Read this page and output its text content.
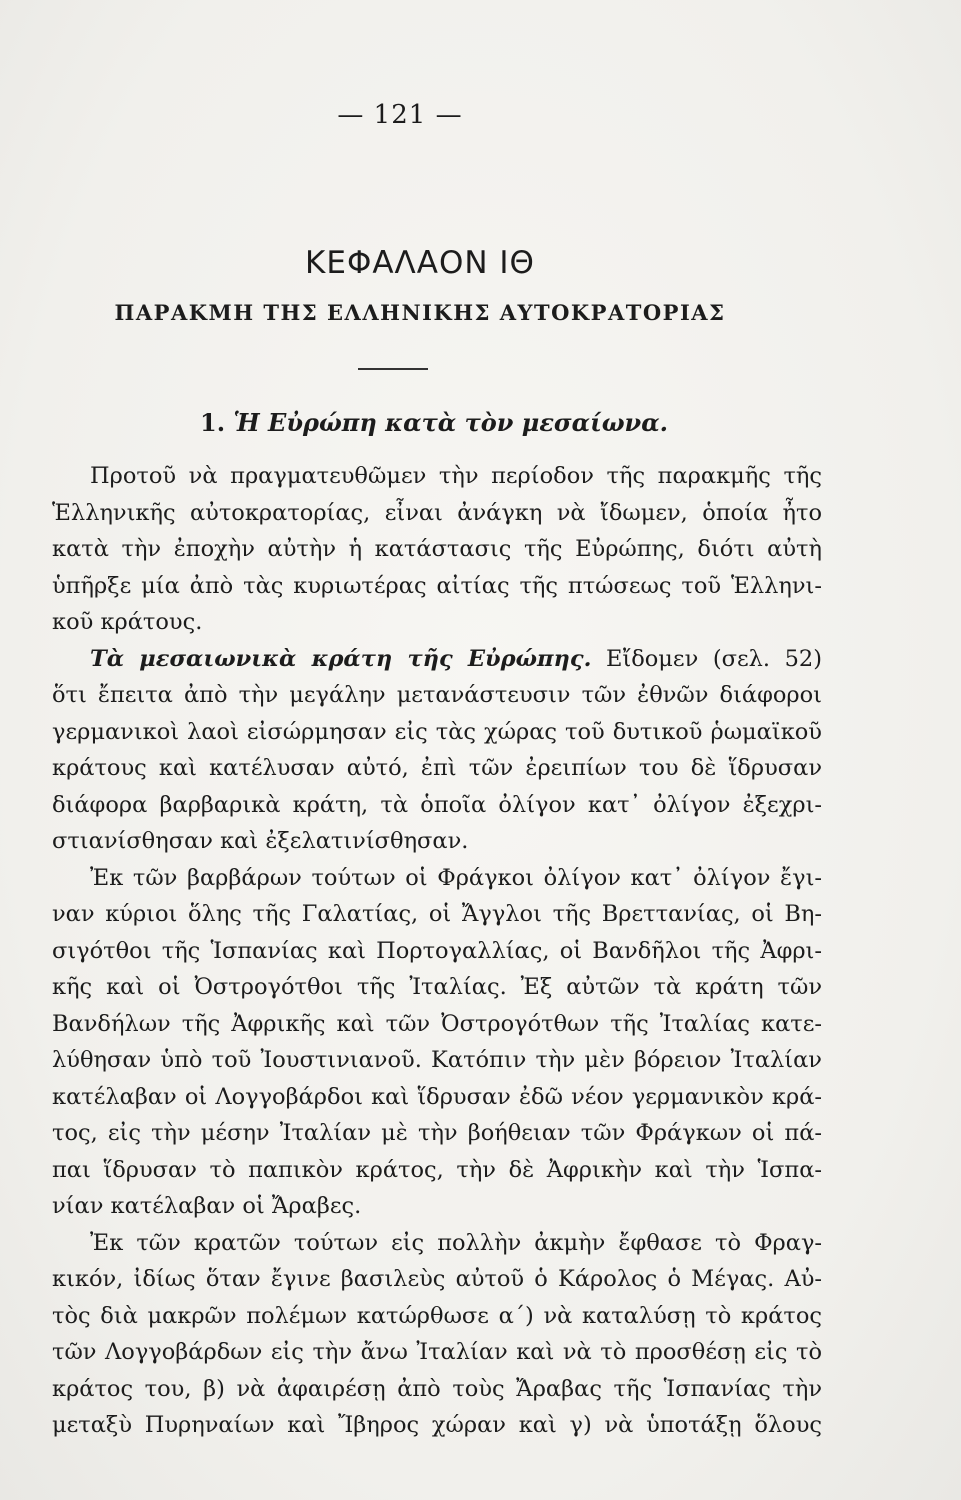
— 121 —
ΚΕΦΑΛΑΟΝ ΙΘ
ΠΑΡΑΚΜΗ ΤΗΣ ΕΛΛΗΝΙΚΗΣ ΑΥΤΟΚΡΑΤΟΡΙΑΣ
1. Ἡ Εὐρώπη κατὰ τὸν μεσαίωνα.
Προτοῦ νὰ πραγματευθῶμεν τὴν περίοδον τῆς παρακμῆς τῆς
Ἑλληνικῆς αὐτοκρατορίας, εἶναι ἀνάγκη νὰ ἴδωμεν, ὁποία ἦτο
κατὰ τὴν ἐποχὴν αὐτὴν ἡ κατάστασις τῆς Εὐρώπης, διότι αὐτὴ
ὑπῆρξε μία ἀπὸ τὰς κυριωτέρας αἰτίας τῆς πτώσεως τοῦ Ἑλληνι-
κοῦ κράτους.
Τὰ μεσαιωνικὰ κράτη τῆς Εὐρώπης. Εἴδομεν (σελ. 52)
ὅτι ἔπειτα ἀπὸ τὴν μεγάλην μετανάστευσιν τῶν ἐθνῶν διάφοροι
γερμανικοὶ λαοὶ εἰσώρμησαν εἰς τὰς χώρας τοῦ δυτικοῦ ῥωμαϊκοῦ
κράτους καὶ κατέλυσαν αὐτό, ἐπὶ τῶν ἐρειπίων του δὲ ἵδρυσαν
διάφορα βαρβαρικὰ κράτη, τὰ ὁποῖα ὀλίγον κατ᾽ ὀλίγον ἐξεχρι-
στιανίσθησαν καὶ ἐξελατινίσθησαν.
Ἐκ τῶν βαρβάρων τούτων οἱ Φράγκοι ὀλίγον κατ᾽ ὀλίγον ἔγι-
ναν κύριοι ὅλης τῆς Γαλατίας, οἱ Ἄγγλοι τῆς Βρεττανίας, οἱ Βη-
σιγότθοι τῆς Ἱσπανίας καὶ Πορτογαλλίας, οἱ Βανδῆλοι τῆς Ἀφρι-
κῆς καὶ οἱ Ὀστρογότθοι τῆς Ἰταλίας. Ἐξ αὐτῶν τὰ κράτη τῶν
Βανδήλων τῆς Ἀφρικῆς καὶ τῶν Ὀστρογότθων τῆς Ἰταλίας κατε-
λύθησαν ὑπὸ τοῦ Ἰουστινιανοῦ. Κατόπιν τὴν μὲν βόρειον Ἰταλίαν
κατέλαβαν οἱ Λογγοβάρδοι καὶ ἵδρυσαν ἐδῶ νέον γερμανικὸν κρά-
τος, εἰς τὴν μέσην Ἰταλίαν μὲ τὴν βοήθειαν τῶν Φράγκων οἱ πά-
παι ἵδρυσαν τὸ παπικὸν κράτος, τὴν δὲ Ἀφρικὴν καὶ τὴν Ἱσπα-
νίαν κατέλαβαν οἱ Ἄραβες.
Ἐκ τῶν κρατῶν τούτων εἰς πολλὴν ἀκμὴν ἔφθασε τὸ Φραγ-
κικόν, ἰδίως ὅταν ἔγινε βασιλεὺς αὐτοῦ ὁ Κάρολος ὁ Μέγας. Αὐ-
τὸς διὰ μακρῶν πολέμων κατώρθωσε α΄) νὰ καταλύσῃ τὸ κράτος
τῶν Λογγοβάρδων εἰς τὴν ἄνω Ἰταλίαν καὶ νὰ τὸ προσθέσῃ εἰς τὸ
κράτος του, β) νὰ ἀφαιρέσῃ ἀπὸ τοὺς Ἄραβας τῆς Ἱσπανίας τὴν
μεταξὺ Πυρηναίων καὶ Ἴβηρος χώραν καὶ γ) νὰ ὑποτάξῃ ὅλους
